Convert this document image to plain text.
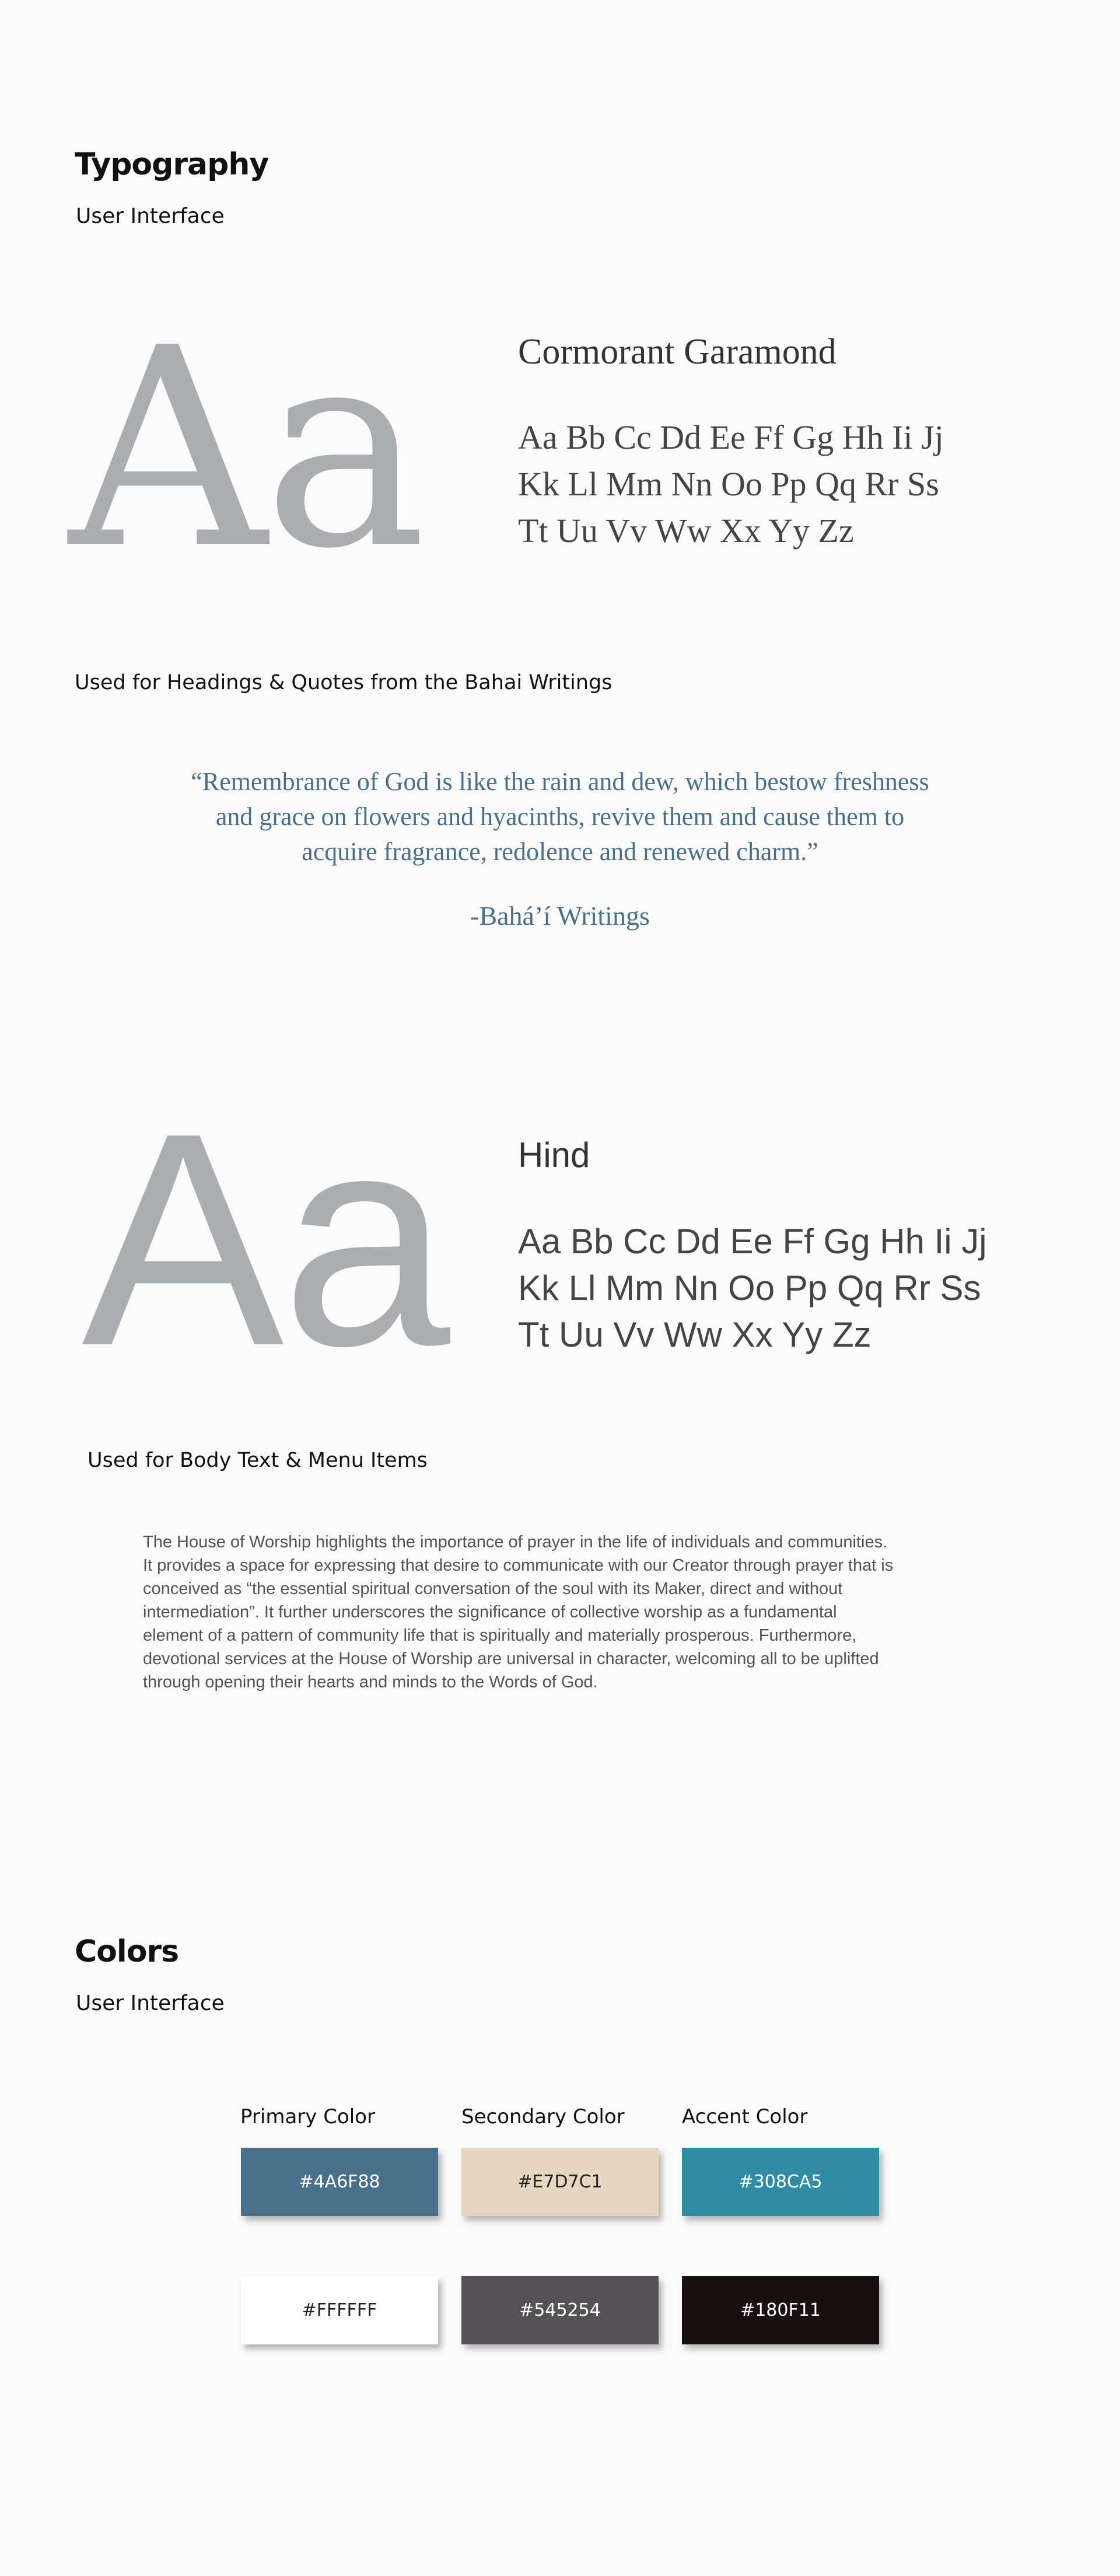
Typography
User Interface
Aa	Cormorant Garamond
Aa Bb Cc Dd Ee Ff Gg Hh Ii Jj
Kk Ll Mm Nn Oo Pp Qq Rr Ss
Tt Uu Vv Ww Xx Yy Zz
Used for Headings & Quotes from the Bahai Writings
“Remembrance of God is like the rain and dew, which bestow freshness
and grace on flowers and hyacinths, revive them and cause them to
acquire fragrance, redolence and renewed charm.”
-Bahá’í Writings
Aa Hind
Aa Bb Cc Dd Ee Ff Gg Hh Ii Jj
Kk Ll Mm Nn Oo Pp Qq Rr Ss
Tt Uu Vv Ww Xx Yy Zz
Used for Body Text & Menu Items
The House of Worship highlights the importance of prayer in the life of individuals and communities.
It provides a space for expressing that desire to communicate with our Creator through prayer that is
conceived as “the essential spiritual conversation of the soul with its Maker, direct and without
intermediation”. It further underscores the significance of collective worship as a fundamental
element of a pattern of community life that is spiritually and materially prosperous. Furthermore,
devotional services at the House of Worship are universal in character, welcoming all to be uplifted
through opening their hearts and minds to the Words of God.
Colors
User Interface
Primary Color	Secondary Color	Accent Color
#4A6F88	#E7D7C1	#308CA5
#FFFFFF	#545254	#180F11
